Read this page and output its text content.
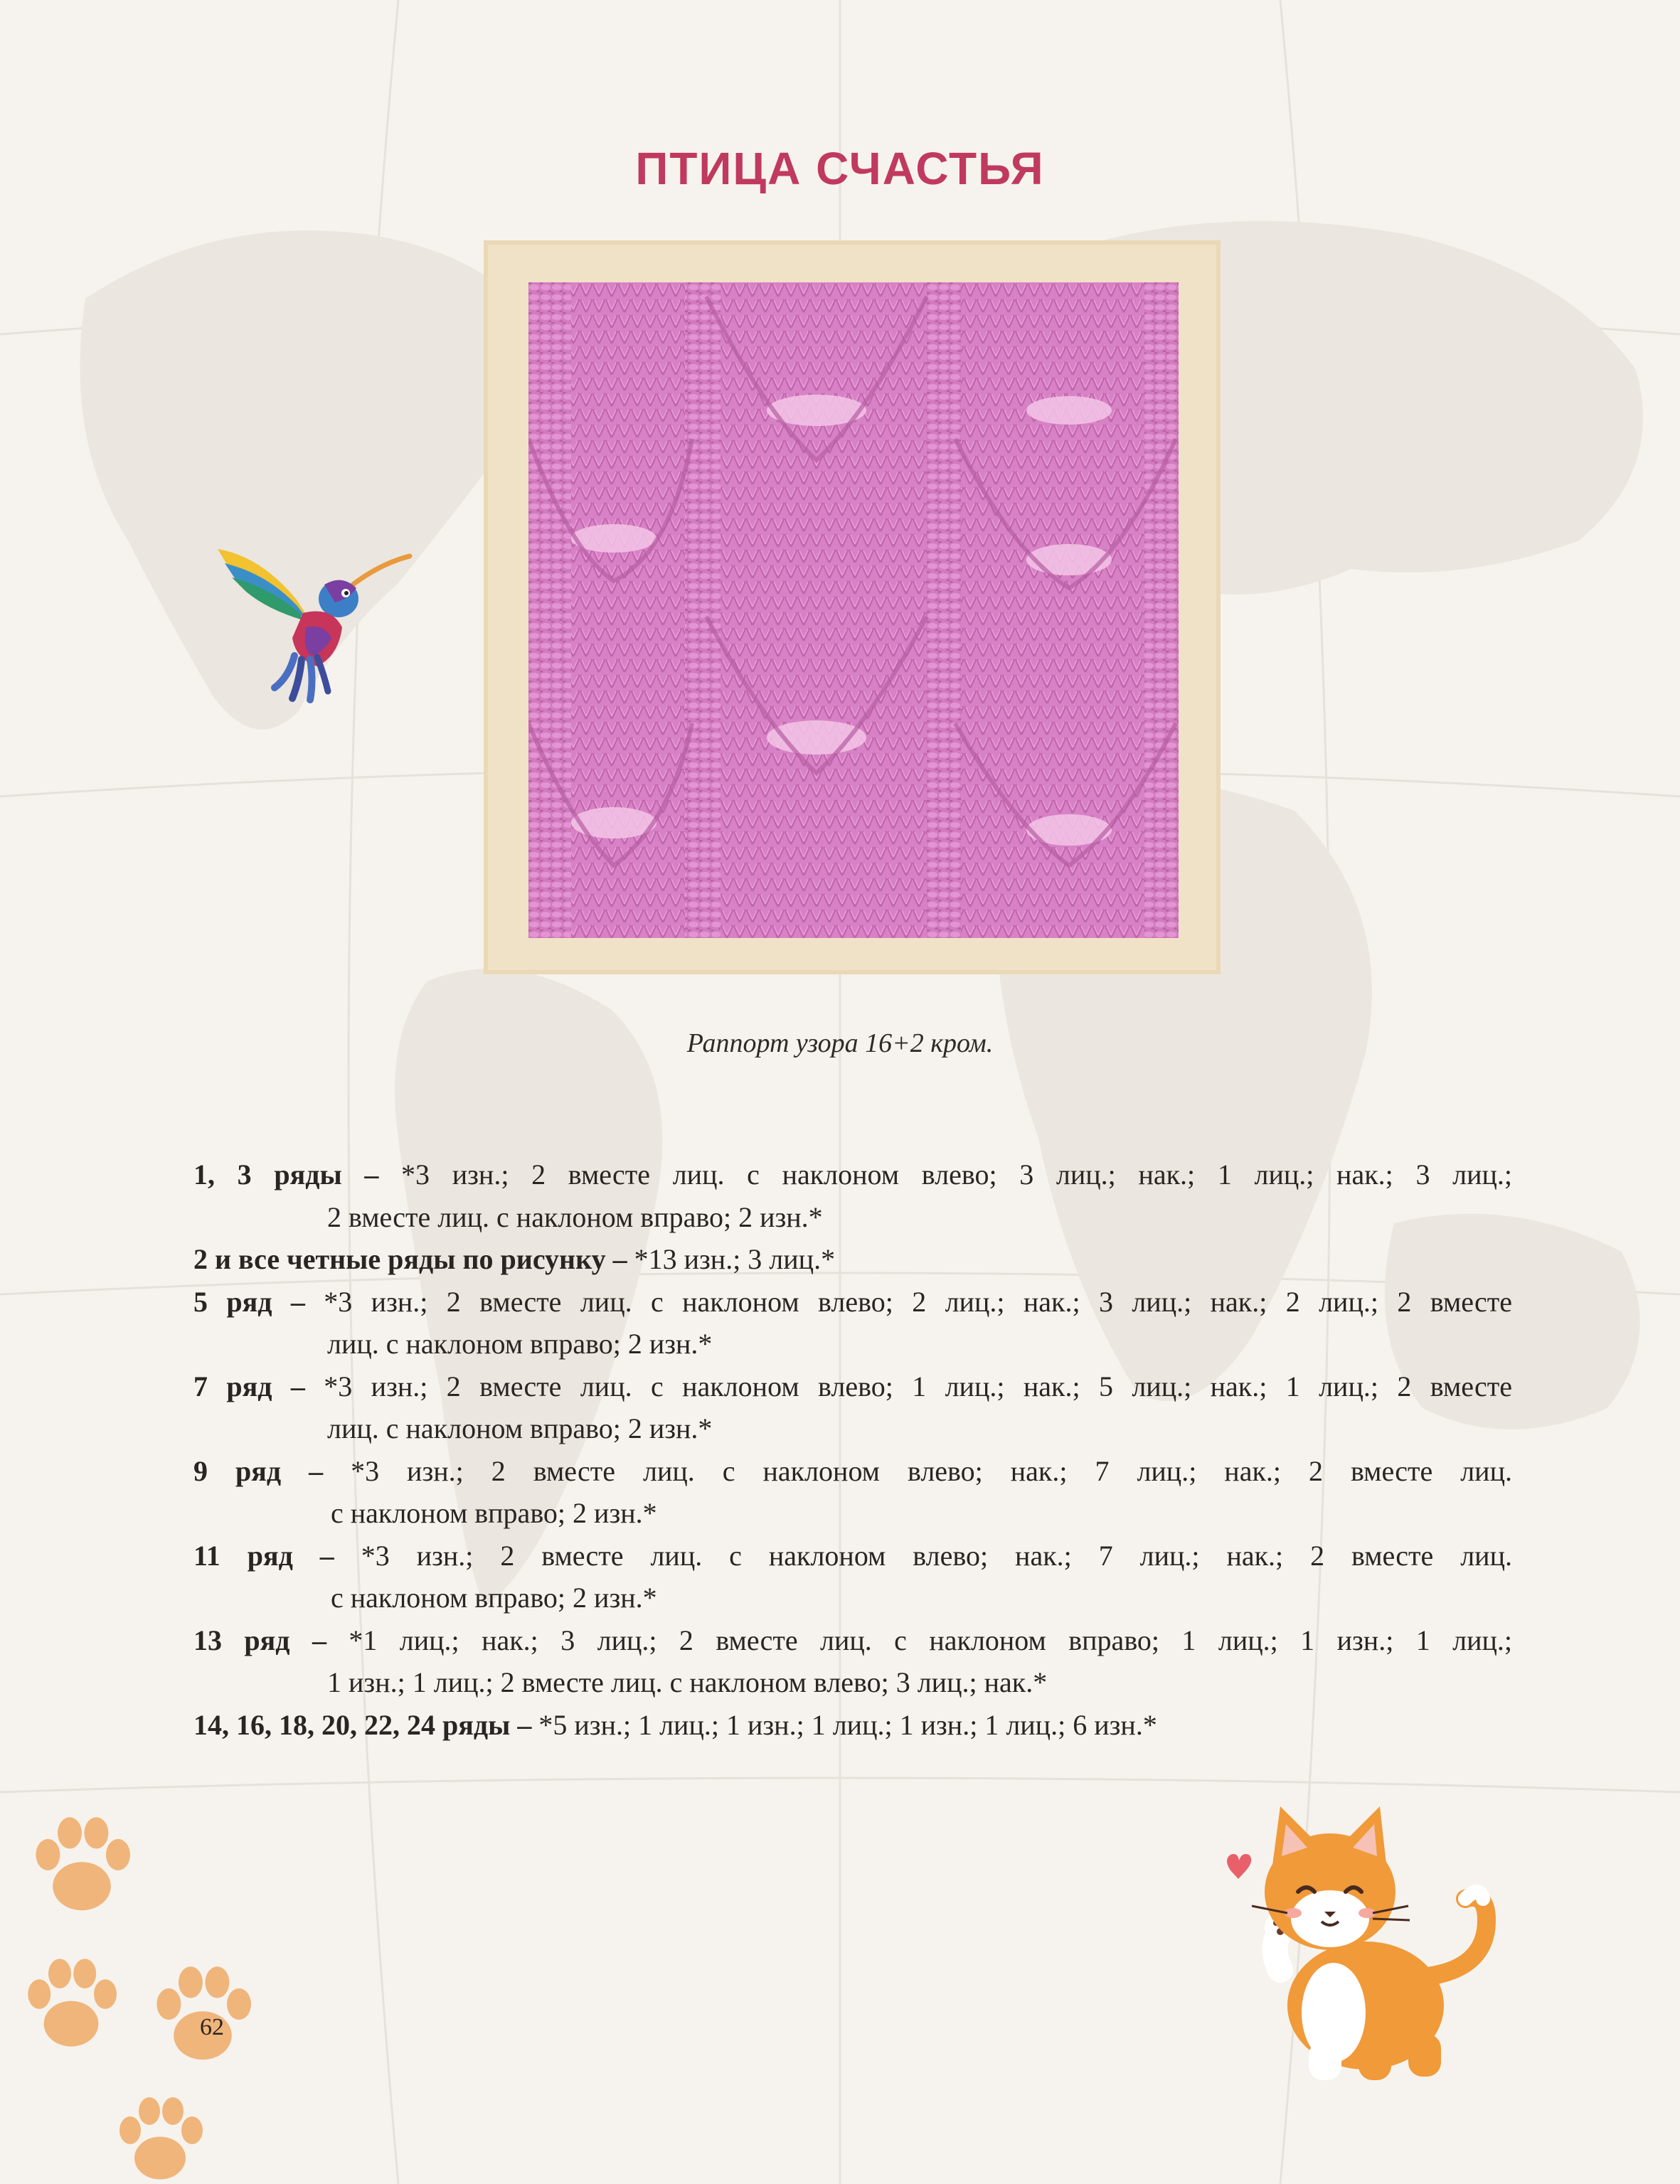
ПТИЦА СЧАСТЬЯ
Раппорт узора 16+2 кром.
1, 3 ряды – *3 изн.; 2 вместе лиц. с наклоном влево; 3 лиц.; нак.; 1 лиц.; нак.; 3 лиц.;
2 вместе лиц. с наклоном вправо; 2 изн.*
2 и все четные ряды по рисунку – *13 изн.; 3 лиц.*
5 ряд – *3 изн.; 2 вместе лиц. с наклоном влево; 2 лиц.; нак.; 3 лиц.; нак.; 2 лиц.; 2 вместе
лиц. с наклоном вправо; 2 изн.*
7 ряд – *3 изн.; 2 вместе лиц. с наклоном влево; 1 лиц.; нак.; 5 лиц.; нак.; 1 лиц.; 2 вместе
лиц. с наклоном вправо; 2 изн.*
9 ряд – *3 изн.; 2 вместе лиц. с наклоном влево; нак.; 7 лиц.; нак.; 2 вместе лиц.
с наклоном вправо; 2 изн.*
11 ряд – *3 изн.; 2 вместе лиц. с наклоном влево; нак.; 7 лиц.; нак.; 2 вместе лиц.
с наклоном вправо; 2 изн.*
13 ряд – *1 лиц.; нак.; 3 лиц.; 2 вместе лиц. с наклоном вправо; 1 лиц.; 1 изн.; 1 лиц.;
1 изн.; 1 лиц.; 2 вместе лиц. с наклоном влево; 3 лиц.; нак.*
14, 16, 18, 20, 22, 24 ряды – *5 изн.; 1 лиц.; 1 изн.; 1 лиц.; 1 изн.; 1 лиц.; 6 изн.*
62
